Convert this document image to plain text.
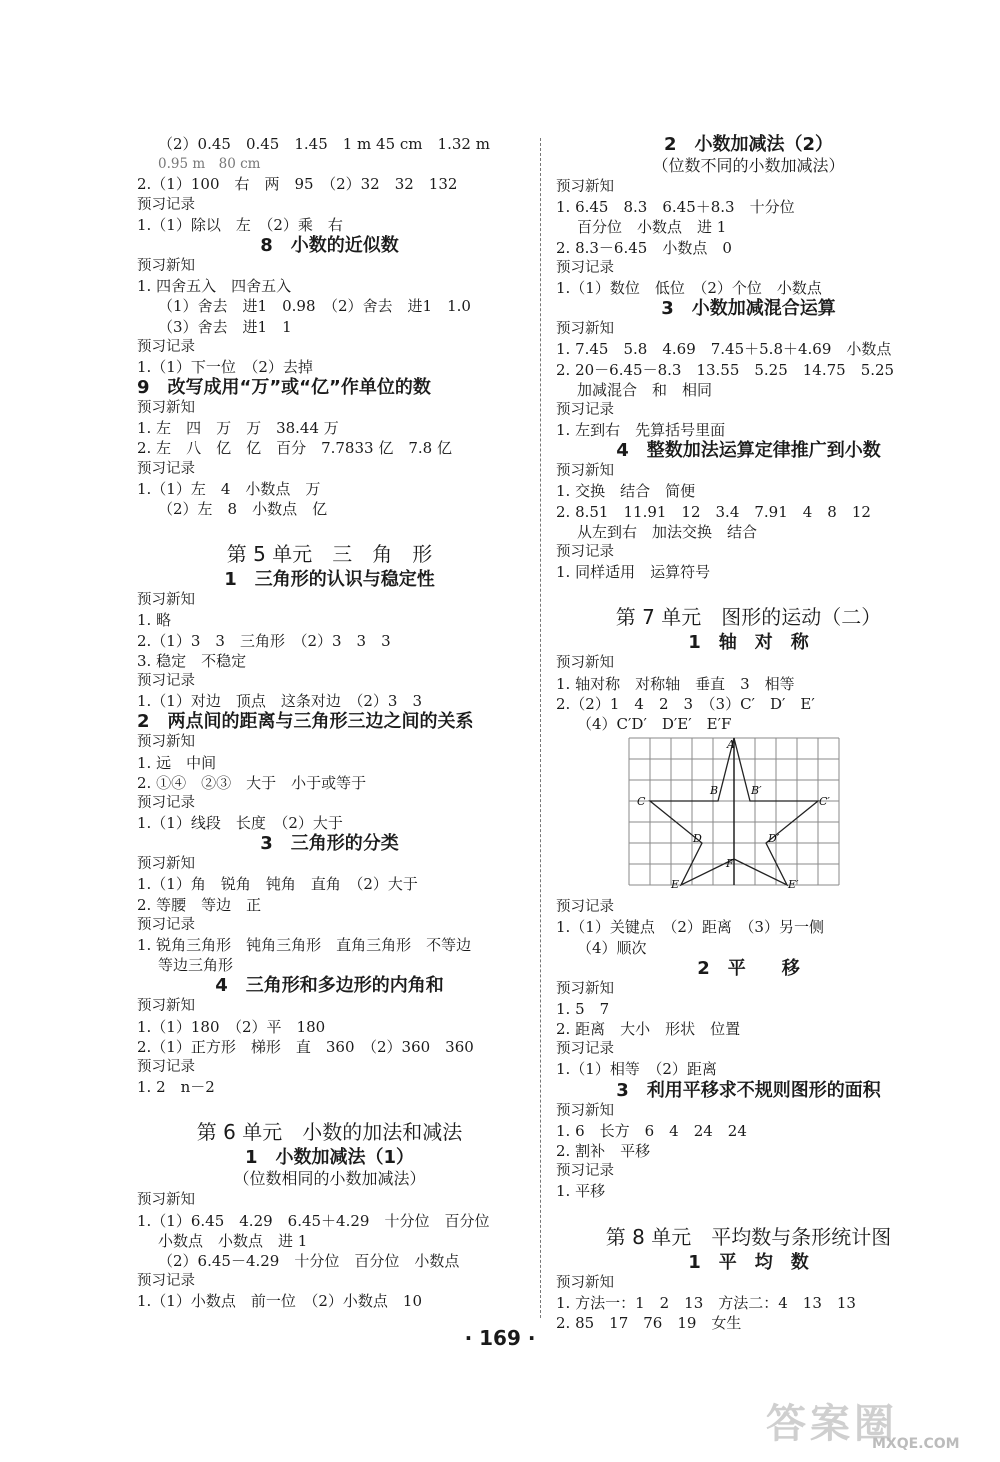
（2）0.45　0.45　1.45　1 m 45 cm　1.32 m
0.95 m　80 cm
2.（1）100　右　两　95　（2）32　32　132
预习记录
1.（1）除以　左　（2）乘　右
8　小数的近似数
预习新知
1. 四舍五入　四舍五入
（1）舍去　进1　0.98　（2）舍去　进1　1.0
（3）舍去　进1　1
预习记录
1.（1）下一位　（2）去掉
9　改写成用“万”或“亿”作单位的数
预习新知
1. 左　四　万　万　38.44 万
2. 左　八　亿　亿　百分　7.7833 亿　7.8 亿
预习记录
1.（1）左　4　小数点　万
（2）左　8　小数点　亿
第 5 单元　三　角　形
1　三角形的认识与稳定性
预习新知
1. 略
2.（1）3　3　三角形　（2）3　3　3
3. 稳定　不稳定
预习记录
1.（1）对边　顶点　这条对边　（2）3　3
2　两点间的距离与三角形三边之间的关系
预习新知
1. 远　中间
2. ①④　②③　大于　小于或等于
预习记录
1.（1）线段　长度　（2）大于
3　三角形的分类
预习新知
1.（1）角　锐角　钝角　直角　（2）大于
2. 等腰　等边　正
预习记录
1. 锐角三角形　钝角三角形　直角三角形　不等边
等边三角形
4　三角形和多边形的内角和
预习新知
1.（1）180　（2）平　180
2.（1）正方形　梯形　直　360　（2）360　360
预习记录
1. 2　n－2
第 6 单元　小数的加法和减法
1　小数加减法（1）
（位数相同的小数加减法）
预习新知
1.（1）6.45　4.29　6.45＋4.29　十分位　百分位
小数点　小数点　进 1
（2）6.45－4.29　十分位　百分位　小数点
预习记录
1.（1）小数点　前一位　（2）小数点　10
2　小数加减法（2）
（位数不同的小数加减法）
预习新知
1. 6.45　8.3　6.45＋8.3　十分位
百分位　小数点　进 1
2. 8.3－6.45　小数点　0
预习记录
1.（1）数位　低位　（2）个位　小数点
3　小数加减混合运算
预习新知
1. 7.45　5.8　4.69　7.45＋5.8＋4.69　小数点
2. 20－6.45－8.3　13.55　5.25　14.75　5.25
加减混合　和　相同
预习记录
1. 左到右　先算括号里面
4　整数加法运算定律推广到小数
预习新知
1. 交换　结合　简便
2. 8.51　11.91　12　3.4　7.91　4　8　12
从左到右　加法交换　结合
预习记录
1. 同样适用　运算符号
第 7 单元　图形的运动（二）
1　轴　对　称
预习新知
1. 轴对称　对称轴　垂直　3　相等
2.（2）1　4　2　3　（3）C′　D′　E′
（4）C′D′　D′E′　E′F
A
B	B′
C	C′
D	D′
E	E′
F
预习记录
1.（1）关键点　（2）距离　（3）另一侧
（4）顺次
2　平　　移
预习新知
1. 5　7
2. 距离　大小　形状　位置
预习记录
1.（1）相等　（2）距离
3　利用平移求不规则图形的面积
预习新知
1. 6　长方　6　4　24　24
2. 割补　平移
预习记录
1. 平移
第 8 单元　平均数与条形统计图
1　平　均　数
预习新知
1. 方法一：1　2　13　方法二：4　13　13
2. 85　17　76　19　女生
· 169 ·
答案圈
MXQE.COM
